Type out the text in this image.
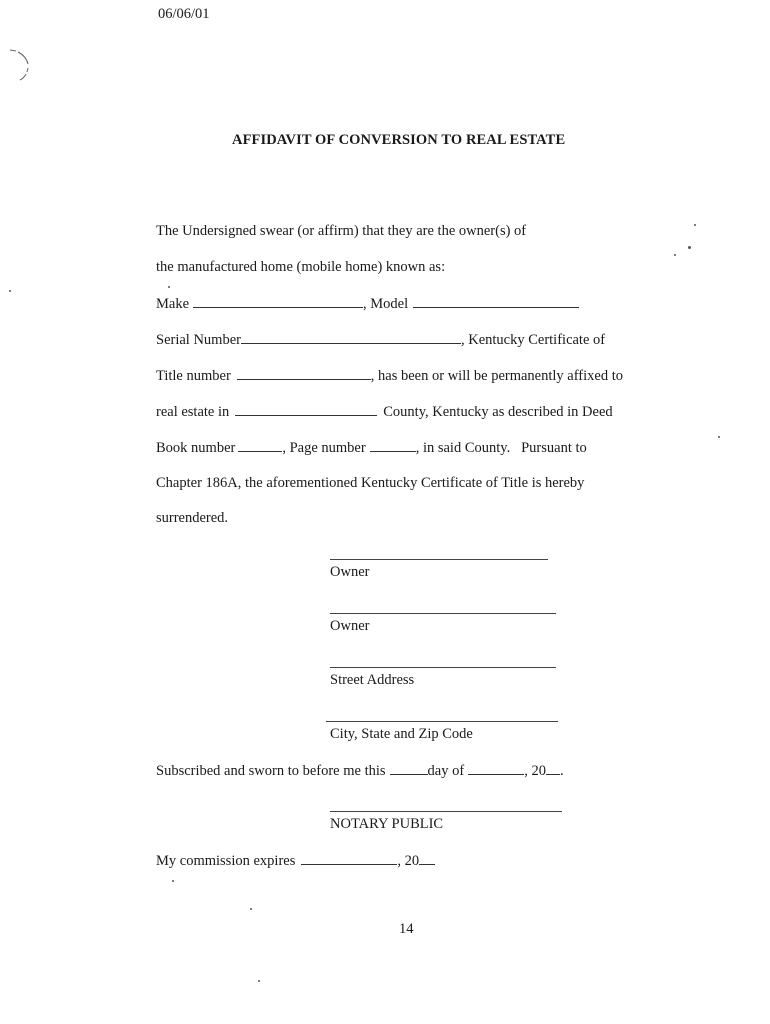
06/06/01
AFFIDAVIT OF CONVERSION TO REAL ESTATE
The Undersigned swear (or affirm) that they are the owner(s) of
the manufactured home (mobile home) known as:
Make	, Model
Serial Number	, Kentucky Certificate of
Title number	, has been or will be permanently affixed to
real estate in	County, Kentucky as described in Deed
Book number	, Page number	, in said County.   Pursuant to
Chapter 186A, the aforementioned Kentucky Certificate of Title is hereby
surrendered.
Owner
Owner
Street Address
City, State and Zip Code
Subscribed and sworn to before me this	day of	, 20 .
NOTARY PUBLIC
My commission expires	, 20
14
